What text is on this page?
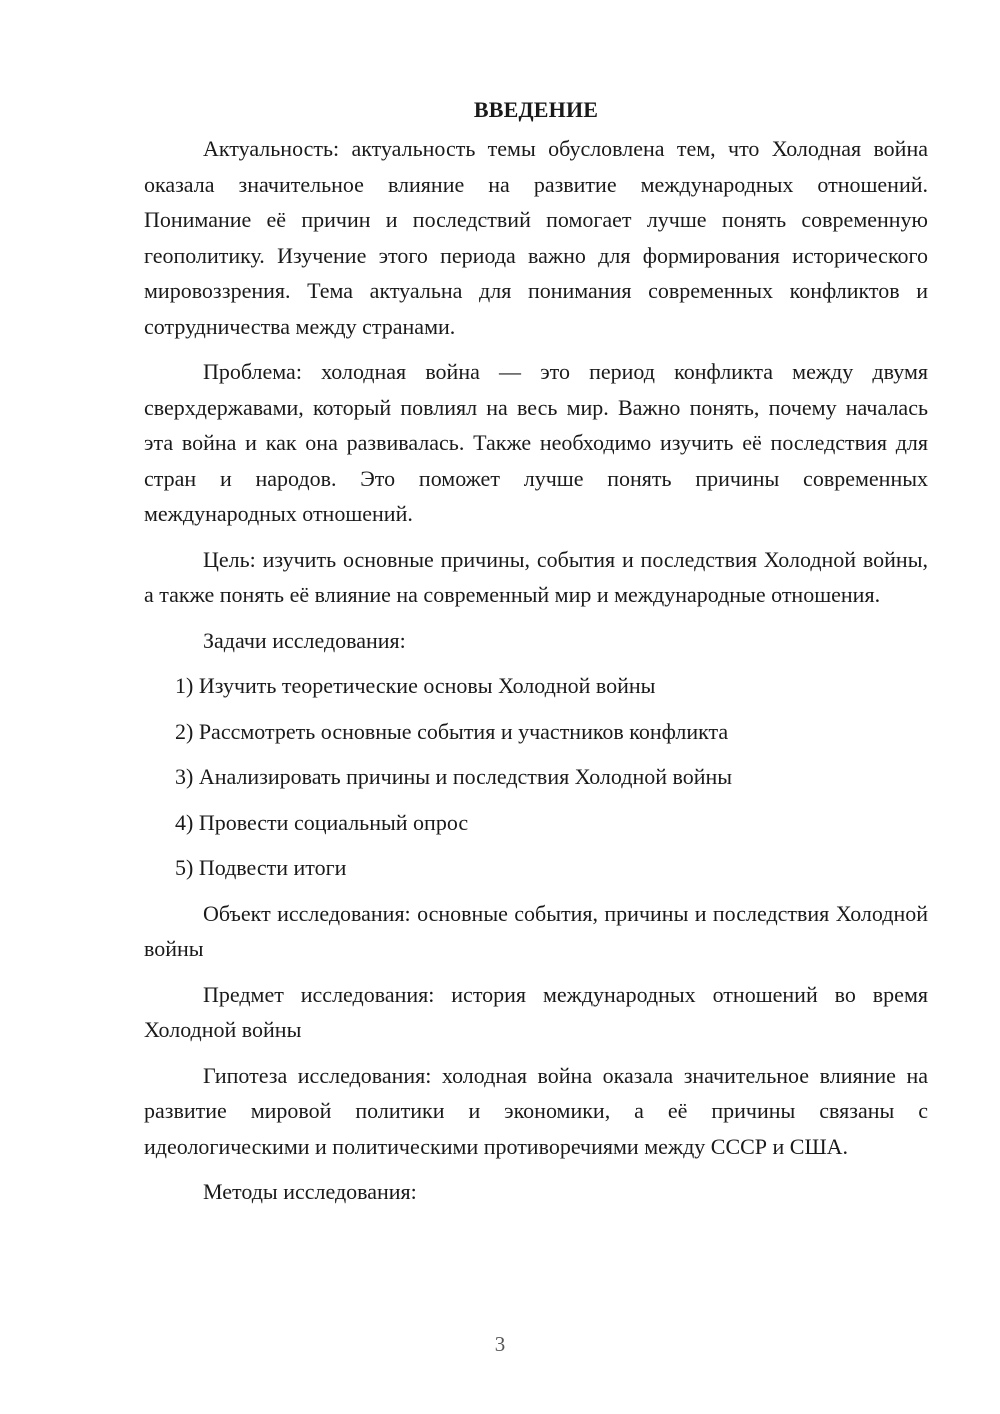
ВВЕДЕНИЕ

Актуальность: актуальность темы обусловлена тем, что Холодная война оказала значительное влияние на развитие международных отношений. Понимание её причин и последствий помогает лучше понять современную геополитику. Изучение этого периода важно для формирования исторического мировоззрения. Тема актуальна для понимания современных конфликтов и сотрудничества между странами.

Проблема: холодная война — это период конфликта между двумя сверхдержавами, который повлиял на весь мир. Важно понять, почему началась эта война и как она развивалась. Также необходимо изучить её последствия для стран и народов. Это поможет лучше понять причины современных международных отношений.

Цель: изучить основные причины, события и последствия Холодной войны, а также понять её влияние на современный мир и международные отношения.

Задачи исследования:
1) Изучить теоретические основы Холодной войны
2) Рассмотреть основные события и участников конфликта
3) Анализировать причины и последствия Холодной войны
4) Провести социальный опрос
5) Подвести итоги

Объект исследования: основные события, причины и последствия Холодной войны

Предмет исследования: история международных отношений во время Холодной войны

Гипотеза исследования: холодная война оказала значительное влияние на развитие мировой политики и экономики, а её причины связаны с идеологическими и политическими противоречиями между СССР и США.

Методы исследования:
3
